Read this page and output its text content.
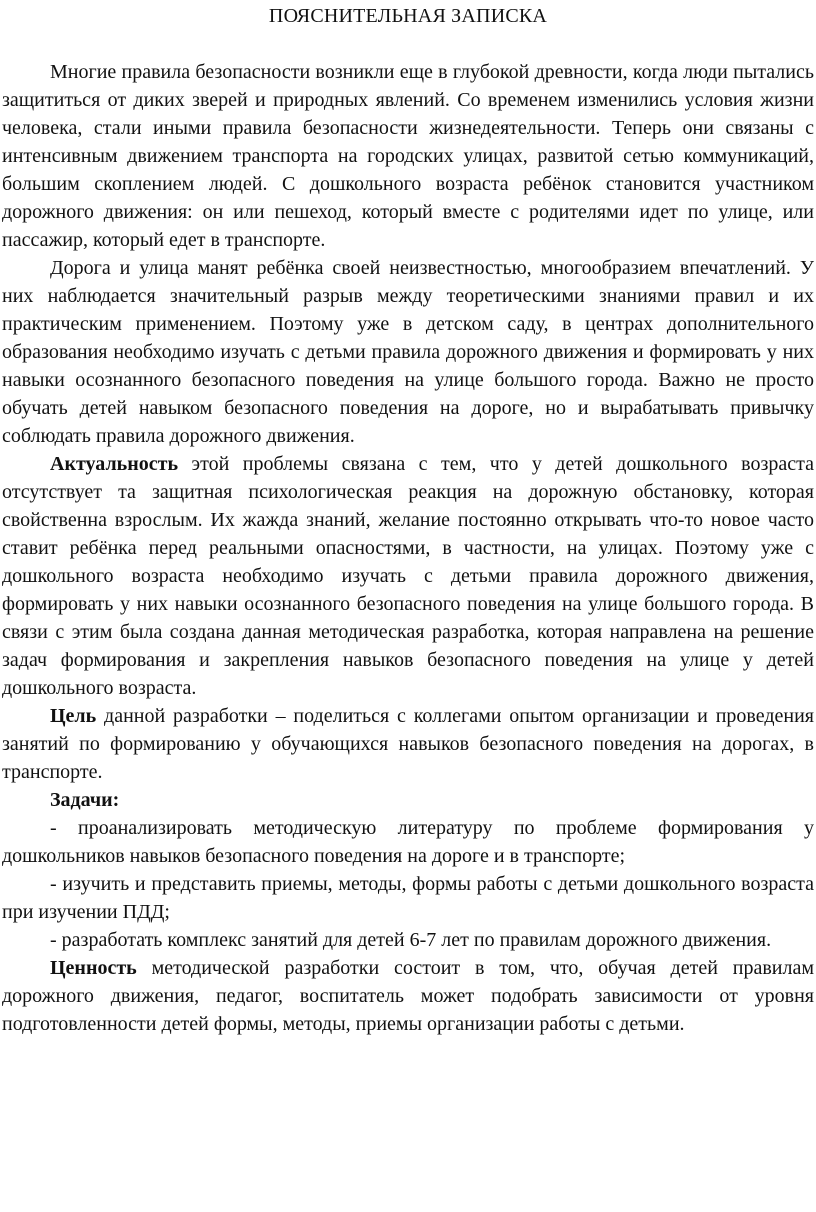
ПОЯСНИТЕЛЬНАЯ ЗАПИСКА

Многие правила безопасности возникли еще в глубокой древности, когда люди пытались защититься от диких зверей и природных явлений. Со временем изменились условия жизни человека, стали иными правила безопасности жизнедеятельности. Теперь они связаны с интенсивным движением транспорта на городских улицах, развитой сетью коммуникаций, большим скоплением людей. С дошкольного возраста ребёнок становится участником дорожного движения: он или пешеход, который вместе с родителями идет по улице, или пассажир, который едет в транспорте.

Дорога и улица манят ребёнка своей неизвестностью, многообразием впечатлений. У них наблюдается значительный разрыв между теоретическими знаниями правил и их практическим применением. Поэтому уже в детском саду, в центрах дополнительного образования необходимо изучать с детьми правила дорожного движения и формировать у них навыки осознанного безопасного поведения на улице большого города. Важно не просто обучать детей навыком безопасного поведения на дороге, но и вырабатывать привычку соблюдать правила дорожного движения.

Актуальность этой проблемы связана с тем, что у детей дошкольного возраста отсутствует та защитная психологическая реакция на дорожную обстановку, которая свойственна взрослым. Их жажда знаний, желание постоянно открывать что-то новое часто ставит ребёнка перед реальными опасностями, в частности, на улицах. Поэтому уже с дошкольного возраста необходимо изучать с детьми правила дорожного движения, формировать у них навыки осознанного безопасного поведения на улице большого города. В связи с этим была создана данная методическая разработка, которая направлена на решение задач формирования и закрепления навыков безопасного поведения на улице у детей дошкольного возраста.

Цель данной разработки – поделиться с коллегами опытом организации и проведения занятий по формированию у обучающихся навыков безопасного поведения на дорогах, в транспорте.

Задачи:

- проанализировать методическую литературу по проблеме формирования у дошкольников навыков безопасного поведения на дороге и в транспорте;

- изучить и представить приемы, методы, формы работы с детьми дошкольного возраста при изучении ПДД;

- разработать комплекс занятий для детей 6-7 лет по правилам дорожного движения.

Ценность методической разработки состоит в том, что, обучая детей правилам дорожного движения, педагог, воспитатель может подобрать зависимости от уровня подготовленности детей формы, методы, приемы организации работы с детьми.
